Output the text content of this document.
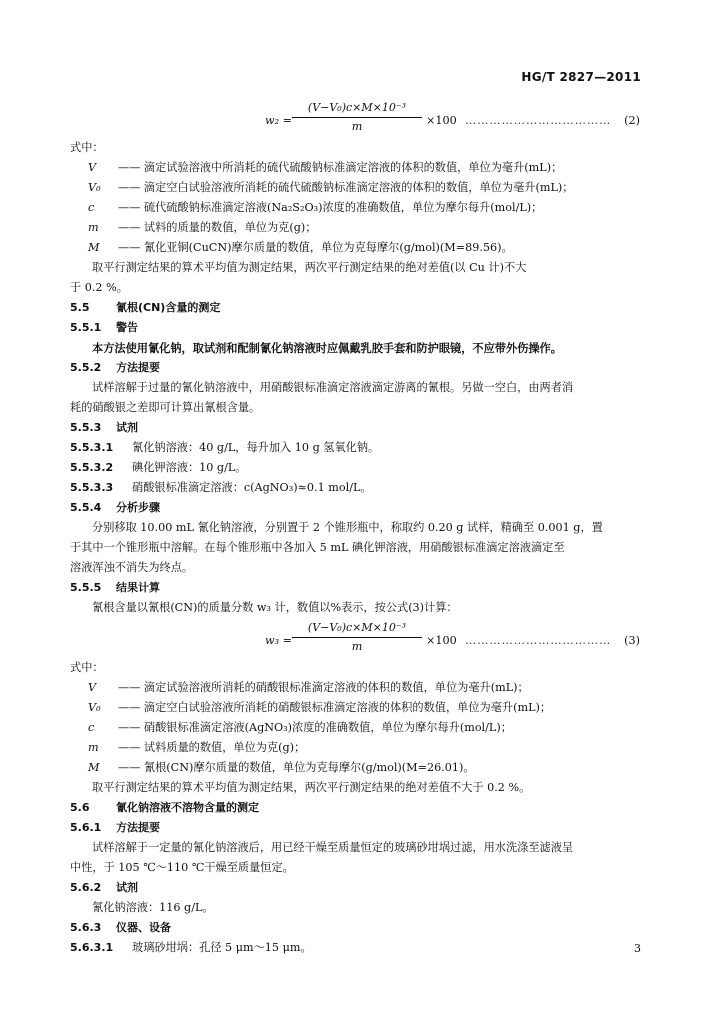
HG/T 2827—2011
w₂ =
(V−V₀)c×M×10⁻³
m	×100 ……………………………… (2)
式中：
V —— 滴定试验溶液中所消耗的硫代硫酸钠标准滴定溶液的体积的数值，单位为毫升(mL)；
V₀ —— 滴定空白试验溶液所消耗的硫代硫酸钠标准滴定溶液的体积的数值，单位为毫升(mL)；
c —— 硫代硫酸钠标准滴定溶液(Na₂S₂O₃)浓度的准确数值，单位为摩尔每升(mol/L)；
m —— 试料的质量的数值，单位为克(g)；
M —— 氰化亚铜(CuCN)摩尔质量的数值，单位为克每摩尔(g/mol)(M=89.56)。
取平行测定结果的算术平均值为测定结果，两次平行测定结果的绝对差值(以 Cu 计)不大
于 0.2 %。
5.5 氰根(CN)含量的测定
5.5.1 警告
本方法使用氰化钠，取试剂和配制氰化钠溶液时应佩戴乳胶手套和防护眼镜，不应带外伤操作。
5.5.2 方法提要
试样溶解于过量的氰化钠溶液中，用硝酸银标准滴定溶液滴定游离的氰根。另做一空白，由两者消
耗的硝酸银之差即可计算出氰根含量。
5.5.3 试剂
5.5.3.1 氰化钠溶液：40 g/L，每升加入 10 g 氢氧化钠。
5.5.3.2 碘化钾溶液：10 g/L。
5.5.3.3 硝酸银标准滴定溶液：c(AgNO₃)≈0.1 mol/L。
5.5.4 分析步骤
分别移取 10.00 mL 氰化钠溶液，分别置于 2 个锥形瓶中，称取约 0.20 g 试样，精确至 0.001 g，置
于其中一个锥形瓶中溶解。在每个锥形瓶中各加入 5 mL 碘化钾溶液，用硝酸银标准滴定溶液滴定至
溶液浑浊不消失为终点。
5.5.5 结果计算
氰根含量以氰根(CN)的质量分数 w₃ 计，数值以%表示，按公式(3)计算：
w₃ =
(V−V₀)c×M×10⁻³
m	×100 ……………………………… (3)
式中：
V —— 滴定试验溶液所消耗的硝酸银标准滴定溶液的体积的数值，单位为毫升(mL)；
V₀ —— 滴定空白试验溶液所消耗的硝酸银标准滴定溶液的体积的数值，单位为毫升(mL)；
c —— 硝酸银标准滴定溶液(AgNO₃)浓度的准确数值，单位为摩尔每升(mol/L)；
m —— 试料质量的数值，单位为克(g)；
M —— 氰根(CN)摩尔质量的数值，单位为克每摩尔(g/mol)(M=26.01)。
取平行测定结果的算术平均值为测定结果，两次平行测定结果的绝对差值不大于 0.2 %。
5.6 氰化钠溶液不溶物含量的测定
5.6.1 方法提要
试样溶解于一定量的氰化钠溶液后，用已经干燥至质量恒定的玻璃砂坩埚过滤，用水洗涤至滤液呈
中性，于 105 ℃～110 ℃干燥至质量恒定。
5.6.2 试剂
氰化钠溶液：116 g/L。
5.6.3 仪器、设备
5.6.3.1 玻璃砂坩埚：孔径 5 μm～15 μm。	3
